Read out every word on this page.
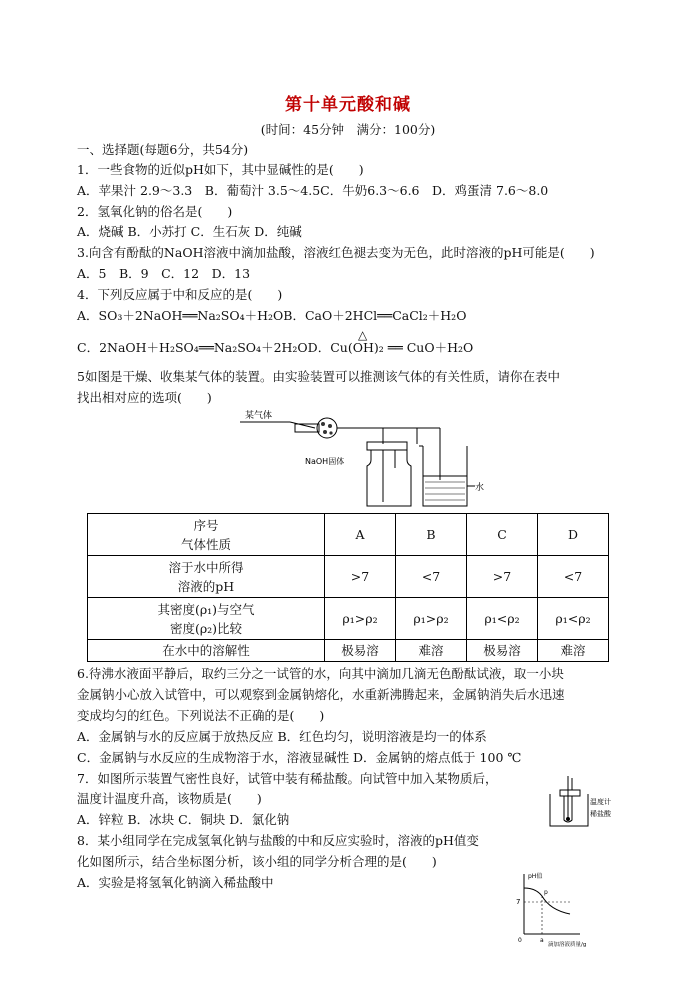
第十单元酸和碱
(时间：45分钟　满分：100分)
一、选择题(每题6分，共54分)
1．一些食物的近似pH如下，其中显碱性的是(　　)
A．苹果汁 2.9～3.3　B．葡萄汁 3.5～4.5C．牛奶6.3～6.6　D．鸡蛋清 7.6～8.0
2．氢氧化钠的俗名是(　　)
A．烧碱 B．小苏打 C．生石灰 D．纯碱
3.向含有酚酞的NaOH溶液中滴加盐酸，溶液红色褪去变为无色，此时溶液的pH可能是(　　)
A．5　B．9　C．12　D．13
4．下列反应属于中和反应的是(　　)
A．SO₃＋2NaOH══Na₂SO₄＋H₂OB．CaO＋2HCl══CaCl₂＋H₂O
C．2NaOH＋H₂SO₄══Na₂SO₄＋2H₂OD．Cu(OH)₂ ══ CuO＋H₂O
△
5如图是干燥、收集某气体的装置。由实验装置可以推测该气体的有关性质，请你在表中
找出相对应的选项(　　)
某气体
NaOH固体
水
序号
气体性质	A	B	C	D

溶于水中所得
溶液的pH	>7	<7	>7	<7

其密度(ρ₁)与空气
密度(ρ₂)比较	ρ₁>ρ₂	ρ₁>ρ₂	ρ₁<ρ₂	ρ₁<ρ₂
在水中的溶解性	极易溶	难溶	极易溶	难溶
6.待沸水液面平静后，取约三分之一试管的水，向其中滴加几滴无色酚酞试液，取一小块
金属钠小心放入试管中，可以观察到金属钠熔化，水重新沸腾起来，金属钠消失后水迅速
变成均匀的红色。下列说法不正确的是(　　)
A．金属钠与水的反应属于放热反应 B．红色均匀，说明溶液是均一的体系
C．金属钠与水反应的生成物溶于水，溶液显碱性 D．金属钠的熔点低于 100 ℃
7．如图所示装置气密性良好，试管中装有稀盐酸。向试管中加入某物质后，
温度计温度升高，该物质是(　　)
A．锌粒 B．冰块 C．铜块 D．氯化钠
温度计
稀盐酸
8．某小组同学在完成氢氧化钠与盐酸的中和反应实验时，溶液的pH值变
化如图所示，结合坐标图分析，该小组的同学分析合理的是(　　)
A．实验是将氢氧化钠滴入稀盐酸中	pH值
7
0	a
p
滴加溶液质量/g
